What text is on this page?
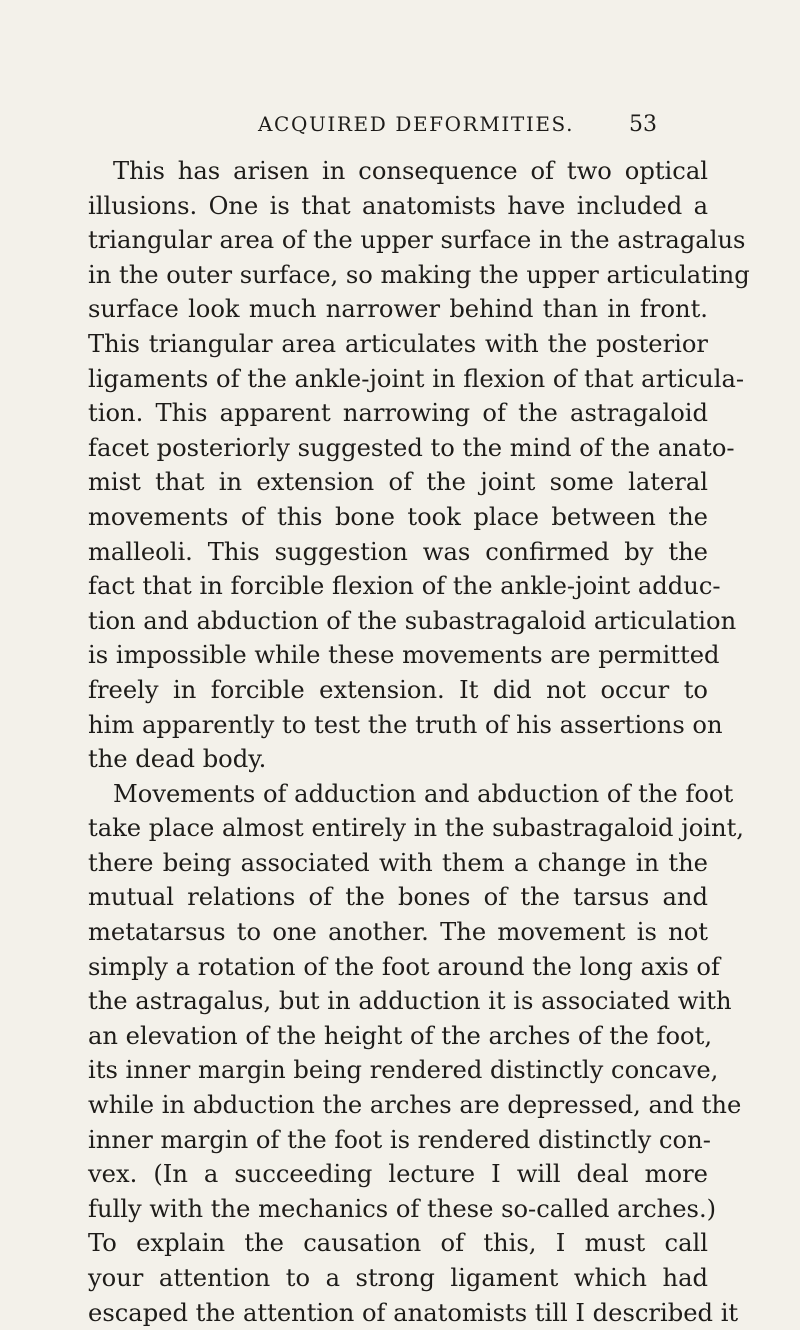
ACQUIRED DEFORMITIES. 53
This has arisen in consequence of two optical
illusions. One is that anatomists have included a
triangular area of the upper surface in the astragalus
in the outer surface, so making the upper articulating
surface look much narrower behind than in front.
This triangular area articulates with the posterior
ligaments of the ankle-joint in flexion of that articula-
tion. This apparent narrowing of the astragaloid
facet posteriorly suggested to the mind of the anato-
mist that in extension of the joint some lateral
movements of this bone took place between the
malleoli. This suggestion was confirmed by the
fact that in forcible flexion of the ankle-joint adduc-
tion and abduction of the subastragaloid articulation
is impossible while these movements are permitted
freely in forcible extension. It did not occur to
him apparently to test the truth of his assertions on
the dead body.
Movements of adduction and abduction of the foot
take place almost entirely in the subastragaloid joint,
there being associated with them a change in the
mutual relations of the bones of the tarsus and
metatarsus to one another. The movement is not
simply a rotation of the foot around the long axis of
the astragalus, but in adduction it is associated with
an elevation of the height of the arches of the foot,
its inner margin being rendered distinctly concave,
while in abduction the arches are depressed, and the
inner margin of the foot is rendered distinctly con-
vex. (In a succeeding lecture I will deal more
fully with the mechanics of these so-called arches.)
To explain the causation of this, I must call
your attention to a strong ligament which had
escaped the attention of anatomists till I described it
